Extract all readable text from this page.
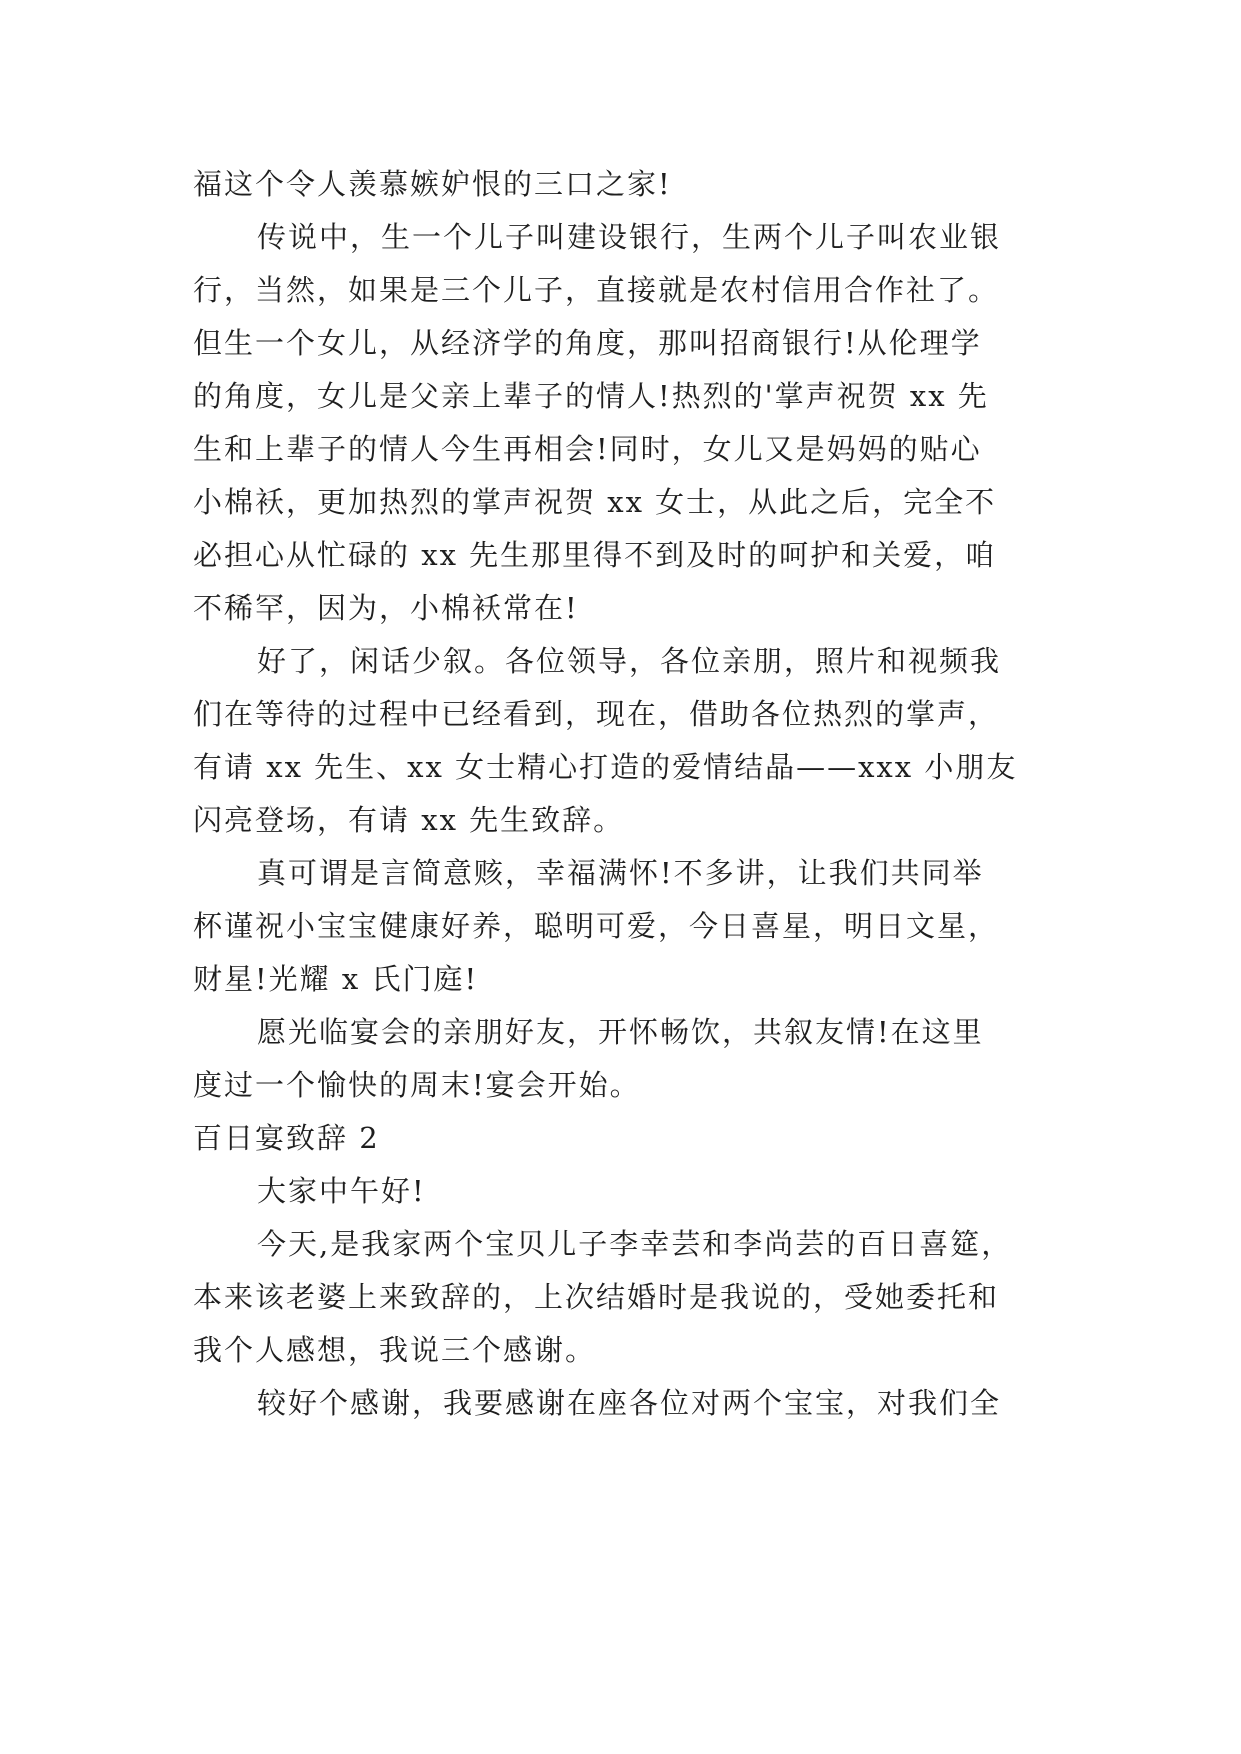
福这个令人羡慕嫉妒恨的三口之家!
传说中，生一个儿子叫建设银行，生两个儿子叫农业银
行，当然，如果是三个儿子，直接就是农村信用合作社了。
但生一个女儿，从经济学的角度，那叫招商银行!从伦理学
的角度，女儿是父亲上辈子的情人!热烈的'掌声祝贺 xx 先
生和上辈子的情人今生再相会!同时，女儿又是妈妈的贴心
小棉袄，更加热烈的掌声祝贺 xx 女士，从此之后，完全不
必担心从忙碌的 xx 先生那里得不到及时的呵护和关爱，咱
不稀罕，因为，小棉袄常在!
好了，闲话少叙。各位领导，各位亲朋，照片和视频我
们在等待的过程中已经看到，现在，借助各位热烈的掌声，
有请 xx 先生、xx 女士精心打造的爱情结晶——xxx 小朋友
闪亮登场，有请 xx 先生致辞。
真可谓是言简意赅，幸福满怀!不多讲，让我们共同举
杯谨祝小宝宝健康好养，聪明可爱，今日喜星，明日文星，
财星!光耀 x 氏门庭!
愿光临宴会的亲朋好友，开怀畅饮，共叙友情!在这里
度过一个愉快的周末!宴会开始。
百日宴致辞 2
大家中午好!
今天,是我家两个宝贝儿子李幸芸和李尚芸的百日喜筵，
本来该老婆上来致辞的，上次结婚时是我说的，受她委托和
我个人感想，我说三个感谢。
较好个感谢，我要感谢在座各位对两个宝宝，对我们全
